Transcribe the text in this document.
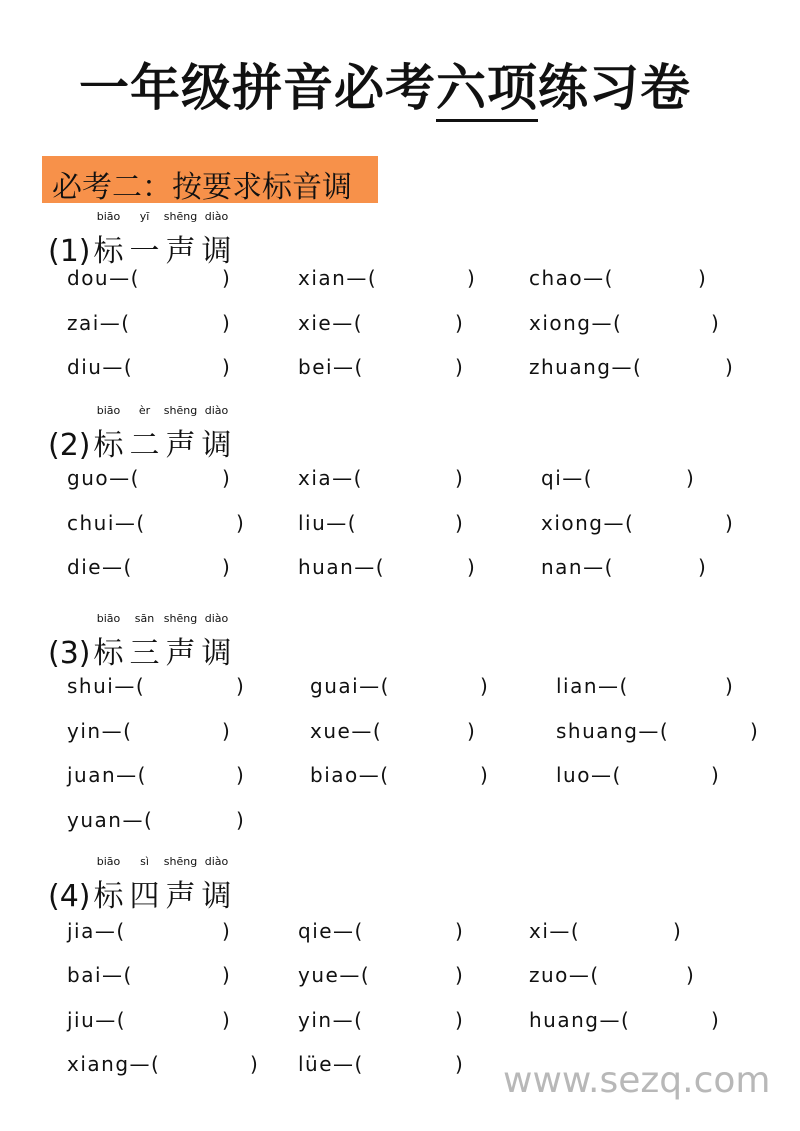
一年级拼音必考六项练习卷
必考二：按要求标音调
www.sezq.com
(1)
biāo
标
yī
一
shēng
声
diào
调
dou—(	)	xian—(	)	chao—(	)
zai—(	)	xie—(	)	xiong—(	)
diu—(	)	bei—(	)	zhuang—(	)
(2)
biāo
标
èr
二
shēng
声
diào
调
guo—(	)	xia—(	)	qi—(	)
chui—(	)	liu—(	)	xiong—(	)
die—(	)	huan—(	)	nan—(	)
(3)
biāo
标
sān
三
shēng
声
diào
调
shui—(	)	guai—(	)	lian—(	)
yin—(	)	xue—(	)	shuang—(	)
juan—(	)	biao—(	)	luo—(	)
yuan—(	)
(4)
biāo
标
sì
四
shēng
声
diào
调
jia—(	)	qie—(	)	xi—(	)
bai—(	)	yue—(	)	zuo—(	)
jiu—(	)	yin—(	)	huang—(	)
xiang—(	) lüe—(	)
